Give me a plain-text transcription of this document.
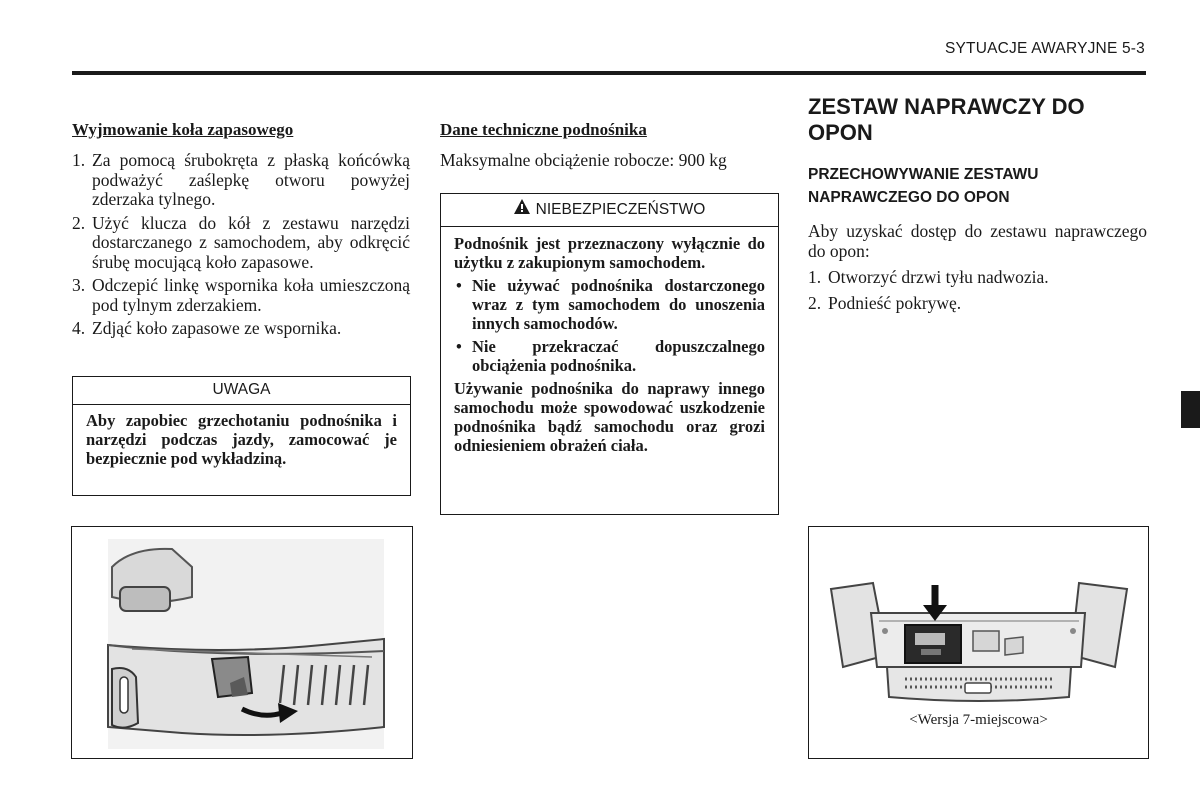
SYTUACJE AWARYJNE 5-3
Wyjmowanie koła zapasowego
1. Za pomocą śrubokręta z płaską końcówką podważyć zaślepkę otworu powyżej zderzaka tylnego.
2. Użyć klucza do kół z zestawu narzędzi dostarczanego z samochodem, aby odkręcić śrubę mocującą koło zapasowe.
3. Odczepić linkę wspornika koła umieszczoną pod tylnym zderzakiem.
4. Zdjąć koło zapasowe ze wspornika.
UWAGA
Aby zapobiec grzechotaniu podnośnika i narzędzi podczas jazdy, zamocować je bezpiecznie pod wykładziną.
Dane techniczne podnośnika
Maksymalne obciążenie robocze: 900 kg
NIEBEZPIECZEŃSTWO

Podnośnik jest przeznaczony wyłącznie do użytku z zakupionym samochodem.

• Nie używać podnośnika dostarczonego wraz z tym samochodem do unoszenia innych samochodów.
• Nie przekraczać dopuszczalnego obciążenia podnośnika.

Używanie podnośnika do naprawy innego samochodu może spowodować uszkodzenie podnośnika bądź samochodu oraz grozi odniesieniem obrażeń ciała.

ZESTAW NAPRAWCZY DO OPON
PRZECHOWYWANIE ZESTAWU NAPRAWCZEGO DO OPON
Aby uzyskać dostęp do zestawu naprawczego do opon:
1. Otworzyć drzwi tyłu nadwozia.
2. Podnieść pokrywę.
<Wersja 7-miejscowa>
